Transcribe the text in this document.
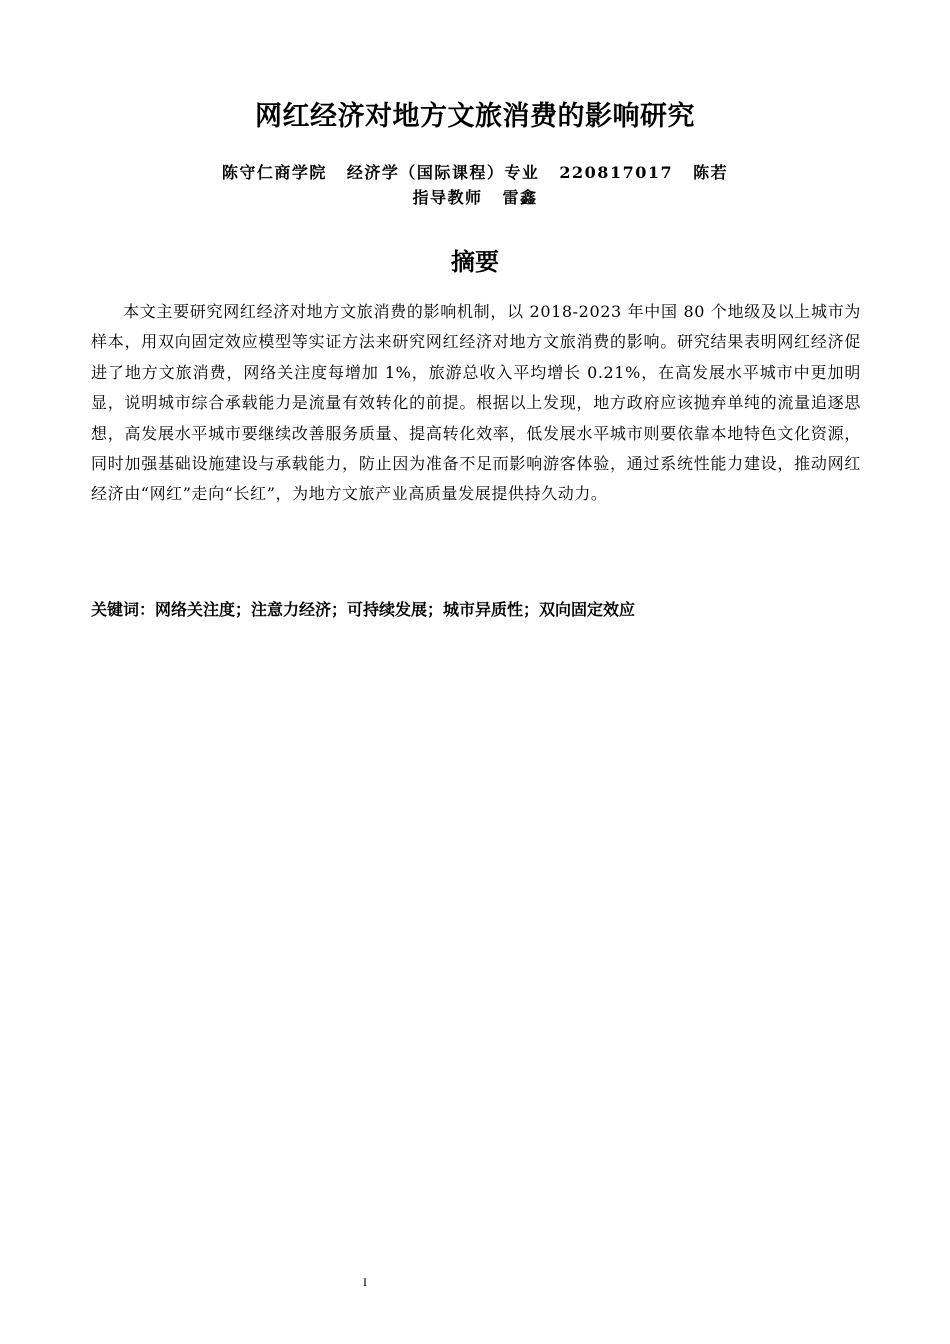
网红经济对地方文旅消费的影响研究
陈守仁商学院 经济学（国际课程）专业 220817017 陈若
指导教师 雷鑫
摘要

本文主要研究网红经济对地方文旅消费的影响机制，以 2018-2023 年中国 80 个地级及以上城市为样本，用双向固定效应模型等实证方法来研究网红经济对地方文旅消费的影响。研究结果表明网红经济促进了地方文旅消费，网络关注度每增加 1%，旅游总收入平均增长 0.21%，在高发展水平城市中更加明显，说明城市综合承载能力是流量有效转化的前提。根据以上发现，地方政府应该抛弃单纯的流量追逐思想，高发展水平城市要继续改善服务质量、提高转化效率，低发展水平城市则要依靠本地特色文化资源，同时加强基础设施建设与承载能力，防止因为准备不足而影响游客体验，通过系统性能力建设，推动网红经济由“网红”走向“长红”，为地方文旅产业高质量发展提供持久动力。

关键词：网络关注度；注意力经济；可持续发展；城市异质性；双向固定效应
I
